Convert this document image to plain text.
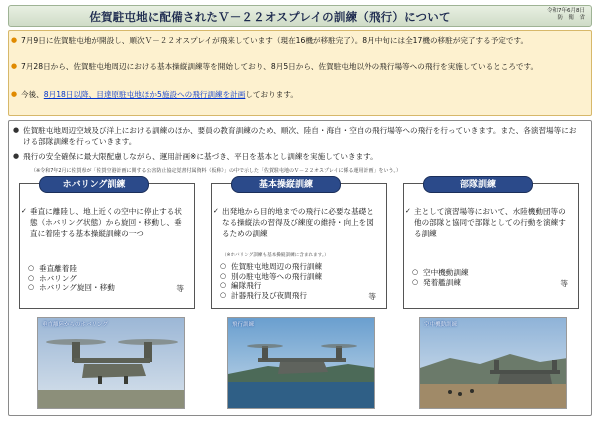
佐賀駐屯地に配備されたＶ－２２オスプレイの訓練（飛行）について	令和7年6月8日
防　衛　省
● 7月9日に佐賀駐屯地が開設し、順次Ｖ－２２オスプレイが飛来しています（現在16機が移駐完了）。8月中旬には全17機の移駐が完了する予定です。
● 7月28日から、佐賀駐屯地周辺における基本操縦訓練等を開始しており、8月5日から、佐賀駐屯地以外の飛行場等への飛行を実施しているところです。
● 今後、8月18日以降、目達原駐屯地ほか5施設への飛行訓練を計画しております。
● 佐賀駐屯地周辺空域及び洋上における訓練のほか、要員の教育訓練のため、順次、陸自・海自・空自の飛行場等への飛行を行っていきます。また、各演習場等における部隊訓練を行っていきます。
● 飛行の安全確保に最大限配慮しながら、運用計画※に基づき、平日を基本とし訓練を実施していきます。
（※令和7年2月に佐賀県が「佐賀空港計画に関する公害防止協定覚書付属資料（仮称）」の中で示した「佐賀駐屯地のＶ－２２オスプレイに係る運用計画」をいう。）
✓ 垂直に離陸し、地上近くの空中に停止する状態（ホバリング状態）から旋回・移動し、垂直に着陸する基本操縦訓練の一つ
○ 垂直離着陸
○ ホバリング
○ ホバリング旋回・移動	等
ホバリング訓練
✓ 出発地から目的地までの飛行に必要な基礎となる操縦法の習得及び練度の維持・向上を図るための訓練
（※ホバリング訓練も基本操縦訓練に含まれます。）
○ 佐賀駐屯地周辺の飛行訓練
○ 別の駐屯地等への飛行訓練
○ 編隊飛行
○ 計器飛行及び夜間飛行	等
基本操縦訓練
✓ 主として演習場等において、水陸機動団等の他の部隊と協同で部隊としての行動を演練する訓練
○ 空中機動訓練
○ 発着艦訓練	等
部隊訓練
垂直離陸からのホバリング	飛行訓練	空中機動訓練
